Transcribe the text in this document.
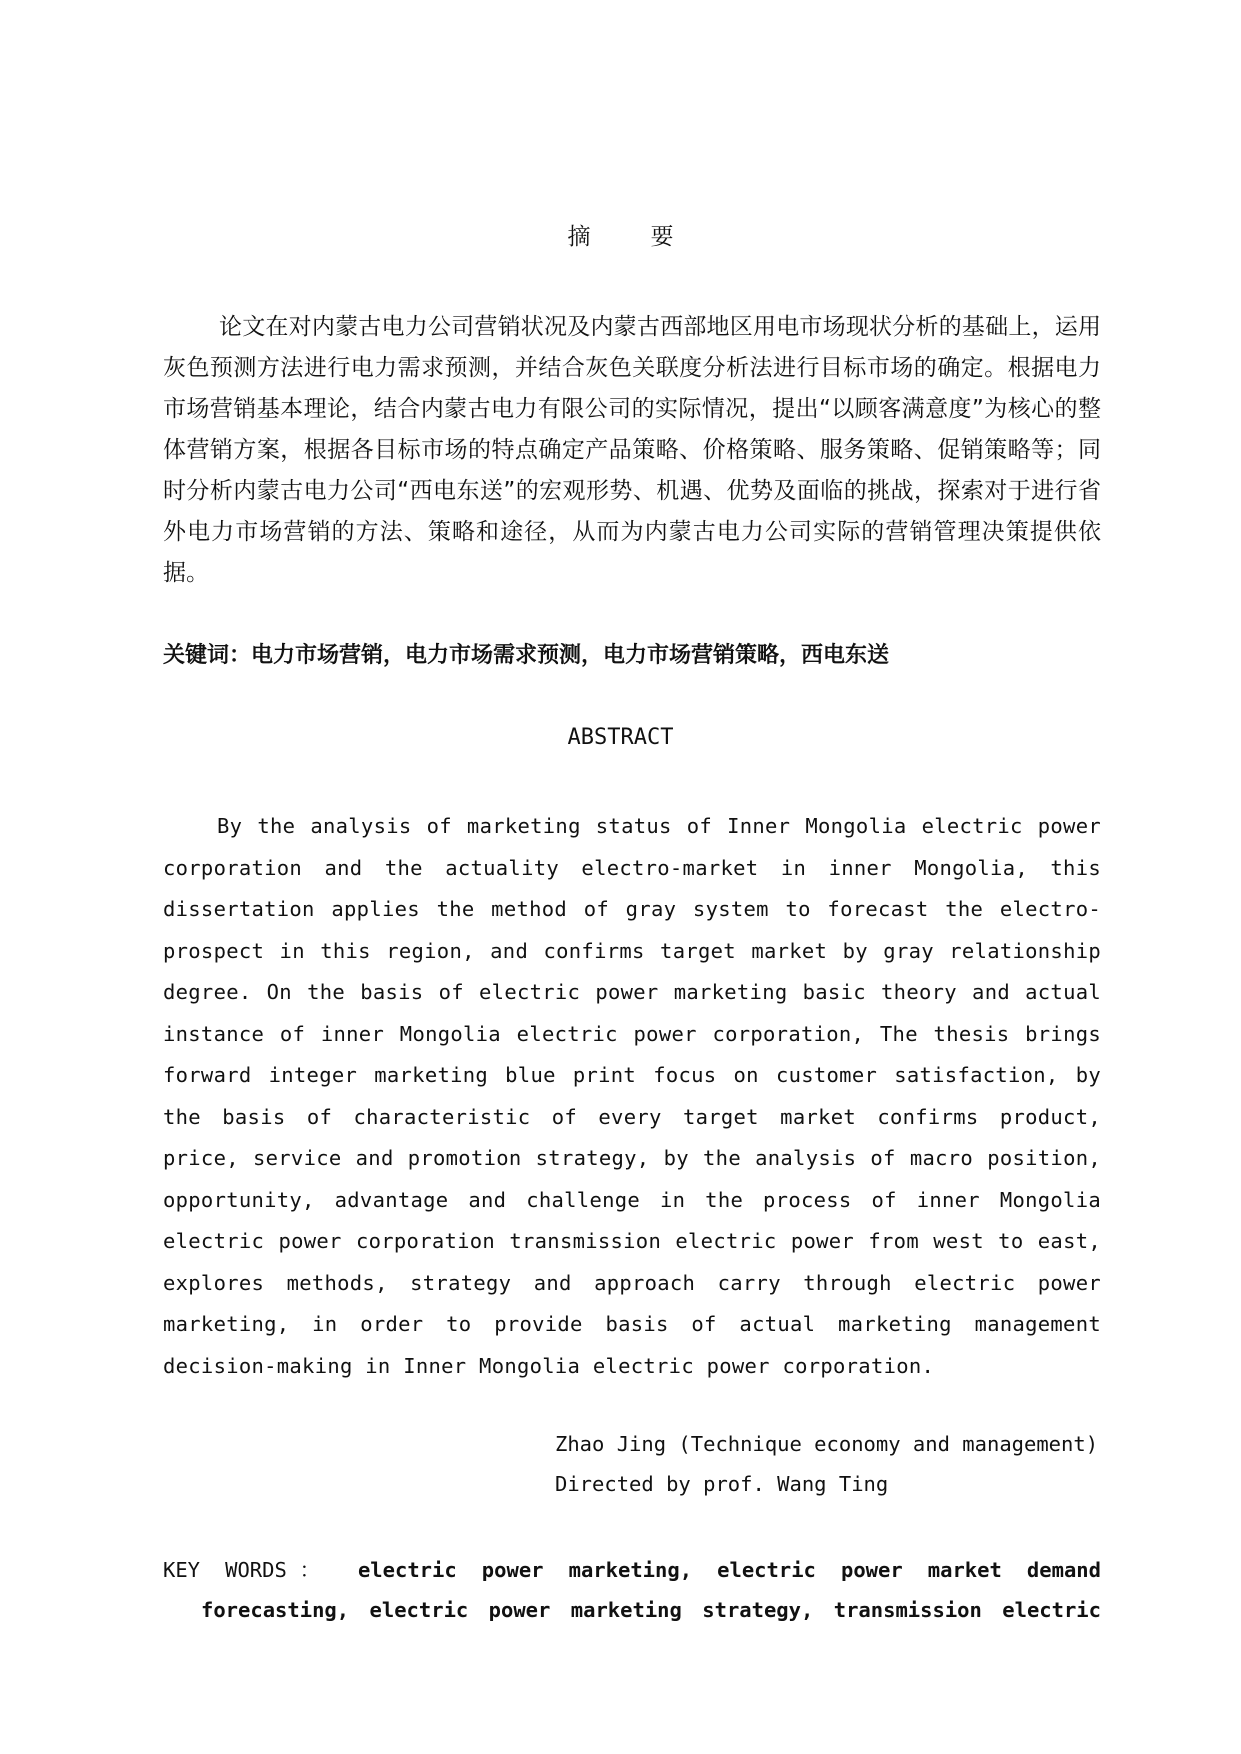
摘要

论文在对内蒙古电力公司营销状况及内蒙古西部地区用电市场现状分析的基础上，运用灰色预测方法进行电力需求预测，并结合灰色关联度分析法进行目标市场的确定。根据电力市场营销基本理论，结合内蒙古电力有限公司的实际情况，提出“以顾客满意度”为核心的整体营销方案，根据各目标市场的特点确定产品策略、价格策略、服务策略、促销策略等；同时分析内蒙古电力公司“西电东送”的宏观形势、机遇、优势及面临的挑战，探索对于进行省外电力市场营销的方法、策略和途径，从而为内蒙古电力公司实际的营销管理决策提供依据。

关键词：电力市场营销，电力市场需求预测，电力市场营销策略，西电东送

ABSTRACT

By the analysis of marketing status of Inner Mongolia electric power corporation and the actuality electro-market in inner Mongolia, this dissertation applies the method of gray system to forecast the electro-prospect in this region, and confirms target market by gray relationship degree. On the basis of electric power marketing basic theory and actual instance of inner Mongolia electric power corporation, The thesis brings forward integer marketing blue print focus on customer satisfaction, by the basis of characteristic of every target market confirms product, price, service and promotion strategy, by the analysis of macro position, opportunity, advantage and challenge in the process of inner Mongolia electric power corporation transmission electric power from west to east, explores methods, strategy and approach carry through electric power marketing, in order to provide basis of actual marketing management decision-making in Inner Mongolia electric power corporation.

Zhao Jing (Technique economy and management)
Directed by prof. Wang Ting

KEY WORDS： electric power marketing, electric power market demand forecasting, electric power marketing strategy, transmission electric
